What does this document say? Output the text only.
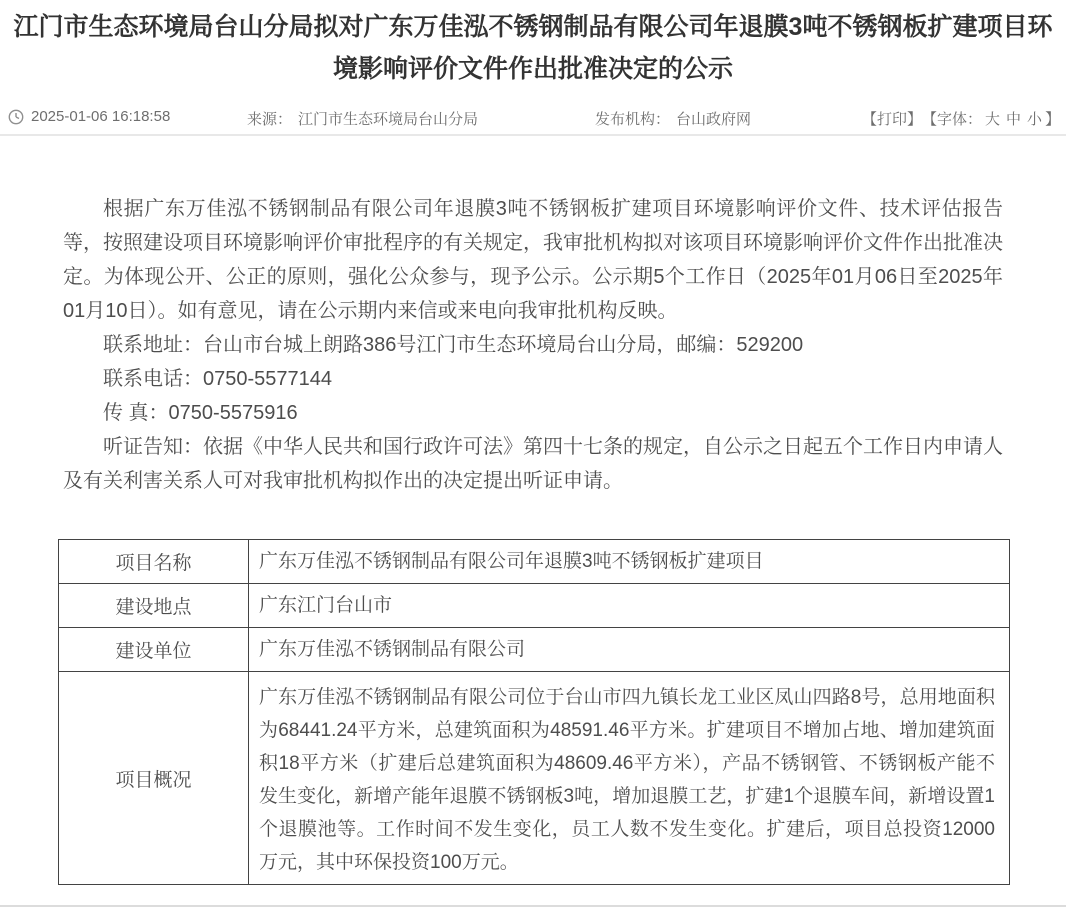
江门市生态环境局台山分局拟对广东万佳泓不锈钢制品有限公司年退膜3吨不锈钢板扩建项目环境影响评价文件作出批准决定的公示
2025-01-06 16:18:58	来源： 江门市生态环境局台山分局	发布机构： 台山政府网	【打印】 【字体： 大 中 小 】

根据广东万佳泓不锈钢制品有限公司年退膜3吨不锈钢板扩建项目环境影响评价文件、技术评估报告等，按照建设项目环境影响评价审批程序的有关规定，我审批机构拟对该项目环境影响评价文件作出批准决定。为体现公开、公正的原则，强化公众参与，现予公示。公示期5个工作日（2025年01月06日至2025年01月10日）。如有意见，请在公示期内来信或来电向我审批机构反映。

联系地址：台山市台城上朗路386号江门市生态环境局台山分局，邮编：529200

联系电话：0750-5577144

传 真：0750-5575916

听证告知：依据《中华人民共和国行政许可法》第四十七条的规定，自公示之日起五个工作日内申请人及有关利害关系人可对我审批机构拟作出的决定提出听证申请。

项目名称	广东万佳泓不锈钢制品有限公司年退膜3吨不锈钢板扩建项目
建设地点	广东江门台山市
建设单位	广东万佳泓不锈钢制品有限公司
项目概况	广东万佳泓不锈钢制品有限公司位于台山市四九镇长龙工业区凤山四路8号，总用地面积为68441.24平方米，总建筑面积为48591.46平方米。扩建项目不增加占地、增加建筑面积18平方米（扩建后总建筑面积为48609.46平方米），产品不锈钢管、不锈钢板产能不发生变化，新增产能年退膜不锈钢板3吨，增加退膜工艺，扩建1个退膜车间，新增设置1个退膜池等。工作时间不发生变化，员工人数不发生变化。扩建后，项目总投资12000万元，其中环保投资100万元。
